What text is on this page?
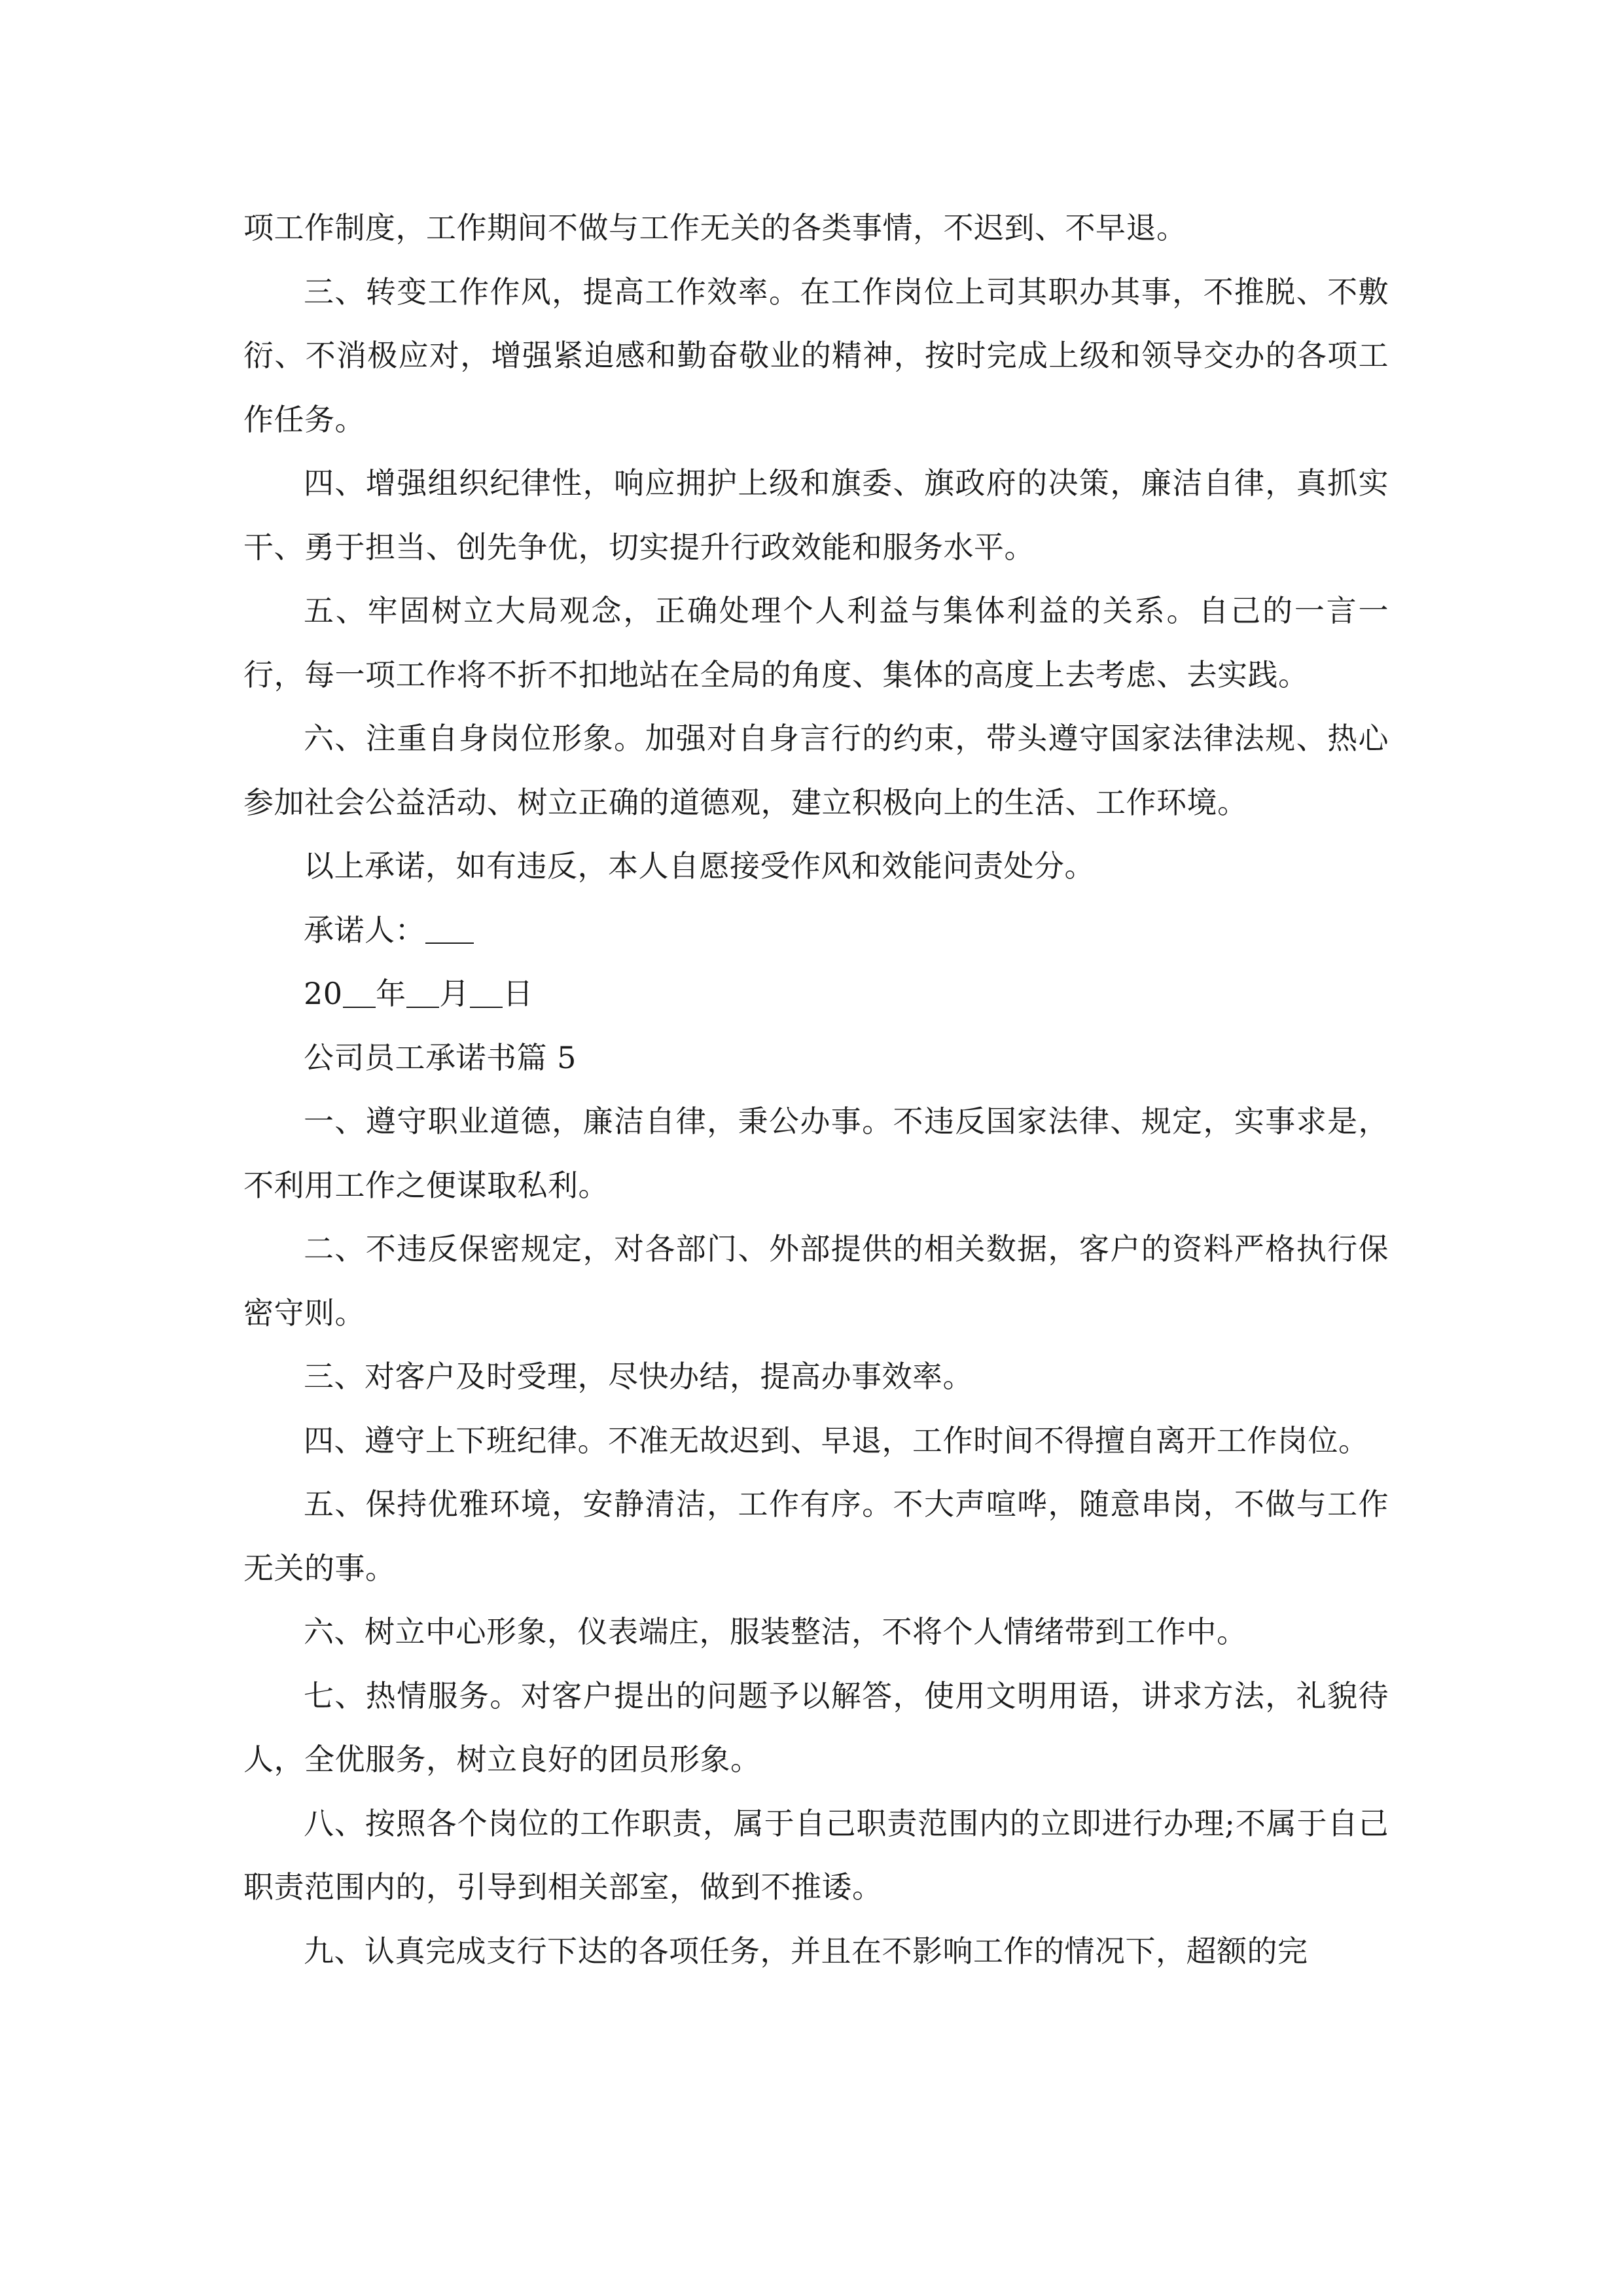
项工作制度，工作期间不做与工作无关的各类事情，不迟到、不早退。

三、转变工作作风，提高工作效率。在工作岗位上司其职办其事，不推脱、不敷衍、不消极应对，增强紧迫感和勤奋敬业的精神，按时完成上级和领导交办的各项工作任务。

四、增强组织纪律性，响应拥护上级和旗委、旗政府的决策，廉洁自律，真抓实干、勇于担当、创先争优，切实提升行政效能和服务水平。

五、牢固树立大局观念，正确处理个人利益与集体利益的关系。自己的一言一行，每一项工作将不折不扣地站在全局的角度、集体的高度上去考虑、去实践。

六、注重自身岗位形象。加强对自身言行的约束，带头遵守国家法律法规、热心参加社会公益活动、树立正确的道德观，建立积极向上的生活、工作环境。

以上承诺，如有违反，本人自愿接受作风和效能问责处分。

承诺人：

20 年 月 日

公司员工承诺书篇 5

一、遵守职业道德，廉洁自律，秉公办事。不违反国家法律、规定，实事求是，不利用工作之便谋取私利。

二、不违反保密规定，对各部门、外部提供的相关数据，客户的资料严格执行保密守则。

三、对客户及时受理，尽快办结，提高办事效率。

四、遵守上下班纪律。不准无故迟到、早退，工作时间不得擅自离开工作岗位。

五、保持优雅环境，安静清洁，工作有序。不大声喧哗，随意串岗，不做与工作无关的事。

六、树立中心形象，仪表端庄，服装整洁，不将个人情绪带到工作中。

七、热情服务。对客户提出的问题予以解答，使用文明用语，讲求方法，礼貌待人，全优服务，树立良好的团员形象。

八、按照各个岗位的工作职责，属于自己职责范围内的立即进行办理;不属于自己职责范围内的，引导到相关部室，做到不推诿。

九、认真完成支行下达的各项任务，并且在不影响工作的情况下，超额的完
